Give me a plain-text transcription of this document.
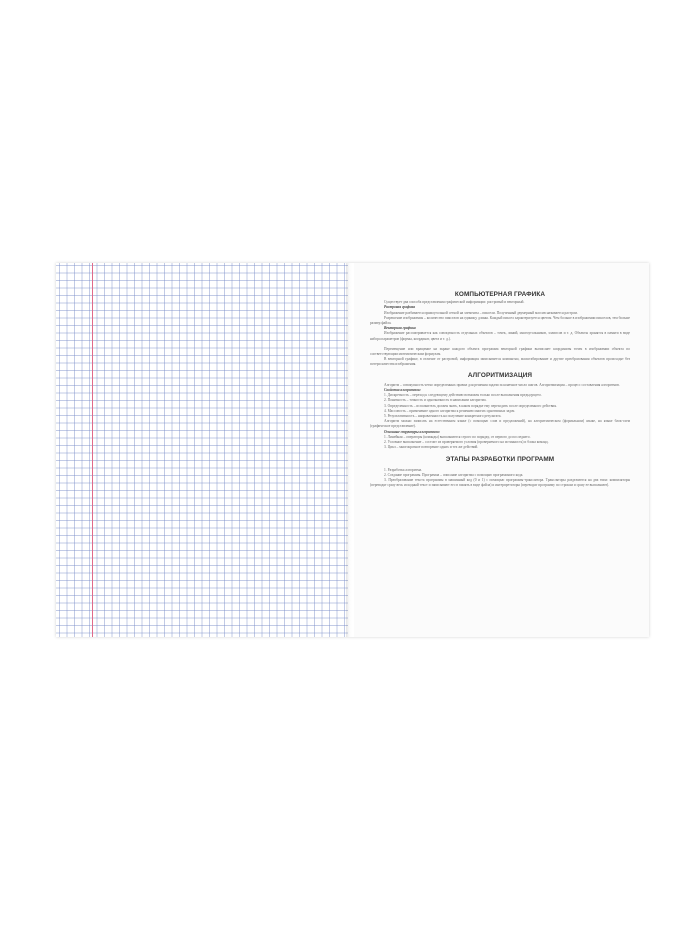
КОМПЬЮТЕРНАЯ ГРАФИКА

Существует два способа представления графической информации: растровый и векторный.

Растровая графика

Изображение разбивается прямоугольной сеткой на элементы – пиксели. Полученный двумерный массив называется растром.

Разрешение изображения – количество пикселов на единицу длины. Каждый пиксел характеризуется цветом. Чем больше в изображении пикселов, тем больше размер файла.

Векторная графика

Изображение рассматривается как совокупность отдельных объектов – точек, линий, многоугольников, эллипсов и т. д. Объекты хранятся в памяти в виде набора параметров (формы, координат, цвета и т. д.).

Перемещение или вращение на экране каждого объекта программа векторной графики вычисляет координаты точек в изображении объекта по соответствующим математическим формулам.

В векторной графике, в отличие от растровой, информация записывается компактно, масштабирование и другие преобразования объектов происходят без потери качества изображения.

АЛГОРИТМИЗАЦИЯ

Алгоритм – совокупность четко определенных правил для решения задачи за конечное число шагов. Алгоритмизация – процесс составления алгоритмов.

Свойства алгоритмов:

1. Дискретность – переход к следующему действию возможен только после выполнения предыдущего.

2. Понятность – точность и однозначность в написании алгоритма.

3. Определенность – исполнитель должен знать, в каком порядке ему переходить после определенного действия.

4. Массовость – применение одного алгоритма к решению многих однотипных задач.

5. Результативность – направленность на получение конкретного результата.

Алгоритм можно записать на естественном языке (с помощью слов и предложений), на алгоритмическом (формальном) языке, на языке блок-схем (графическое представление).

Основные структуры алгоритмов:

1. Линейная – операторы (команды) выполняются строго по порядку, от первого до последнего.

2. Условное выполнение – состоит из проверяемого условия (проверяемого на истинность) и блока команд.

3. Цикл – многократное повторение одних и тех же действий.

ЭТАПЫ РАЗРАБОТКИ ПРОГРАММ

1. Разработка алгоритма.

2. Создание программы. Программа – описание алгоритма с помощью программного кода.

3. Преобразование текста программы в машинный код (0 и 1) с помощью программы-транслятора. Трансляторы разделяются на два типа: компиляторы (переводят сразу весь исходный текст и записывают его в память в виде файла) и интерпретаторы (переводят программу по строкам и сразу ее выполняют).
